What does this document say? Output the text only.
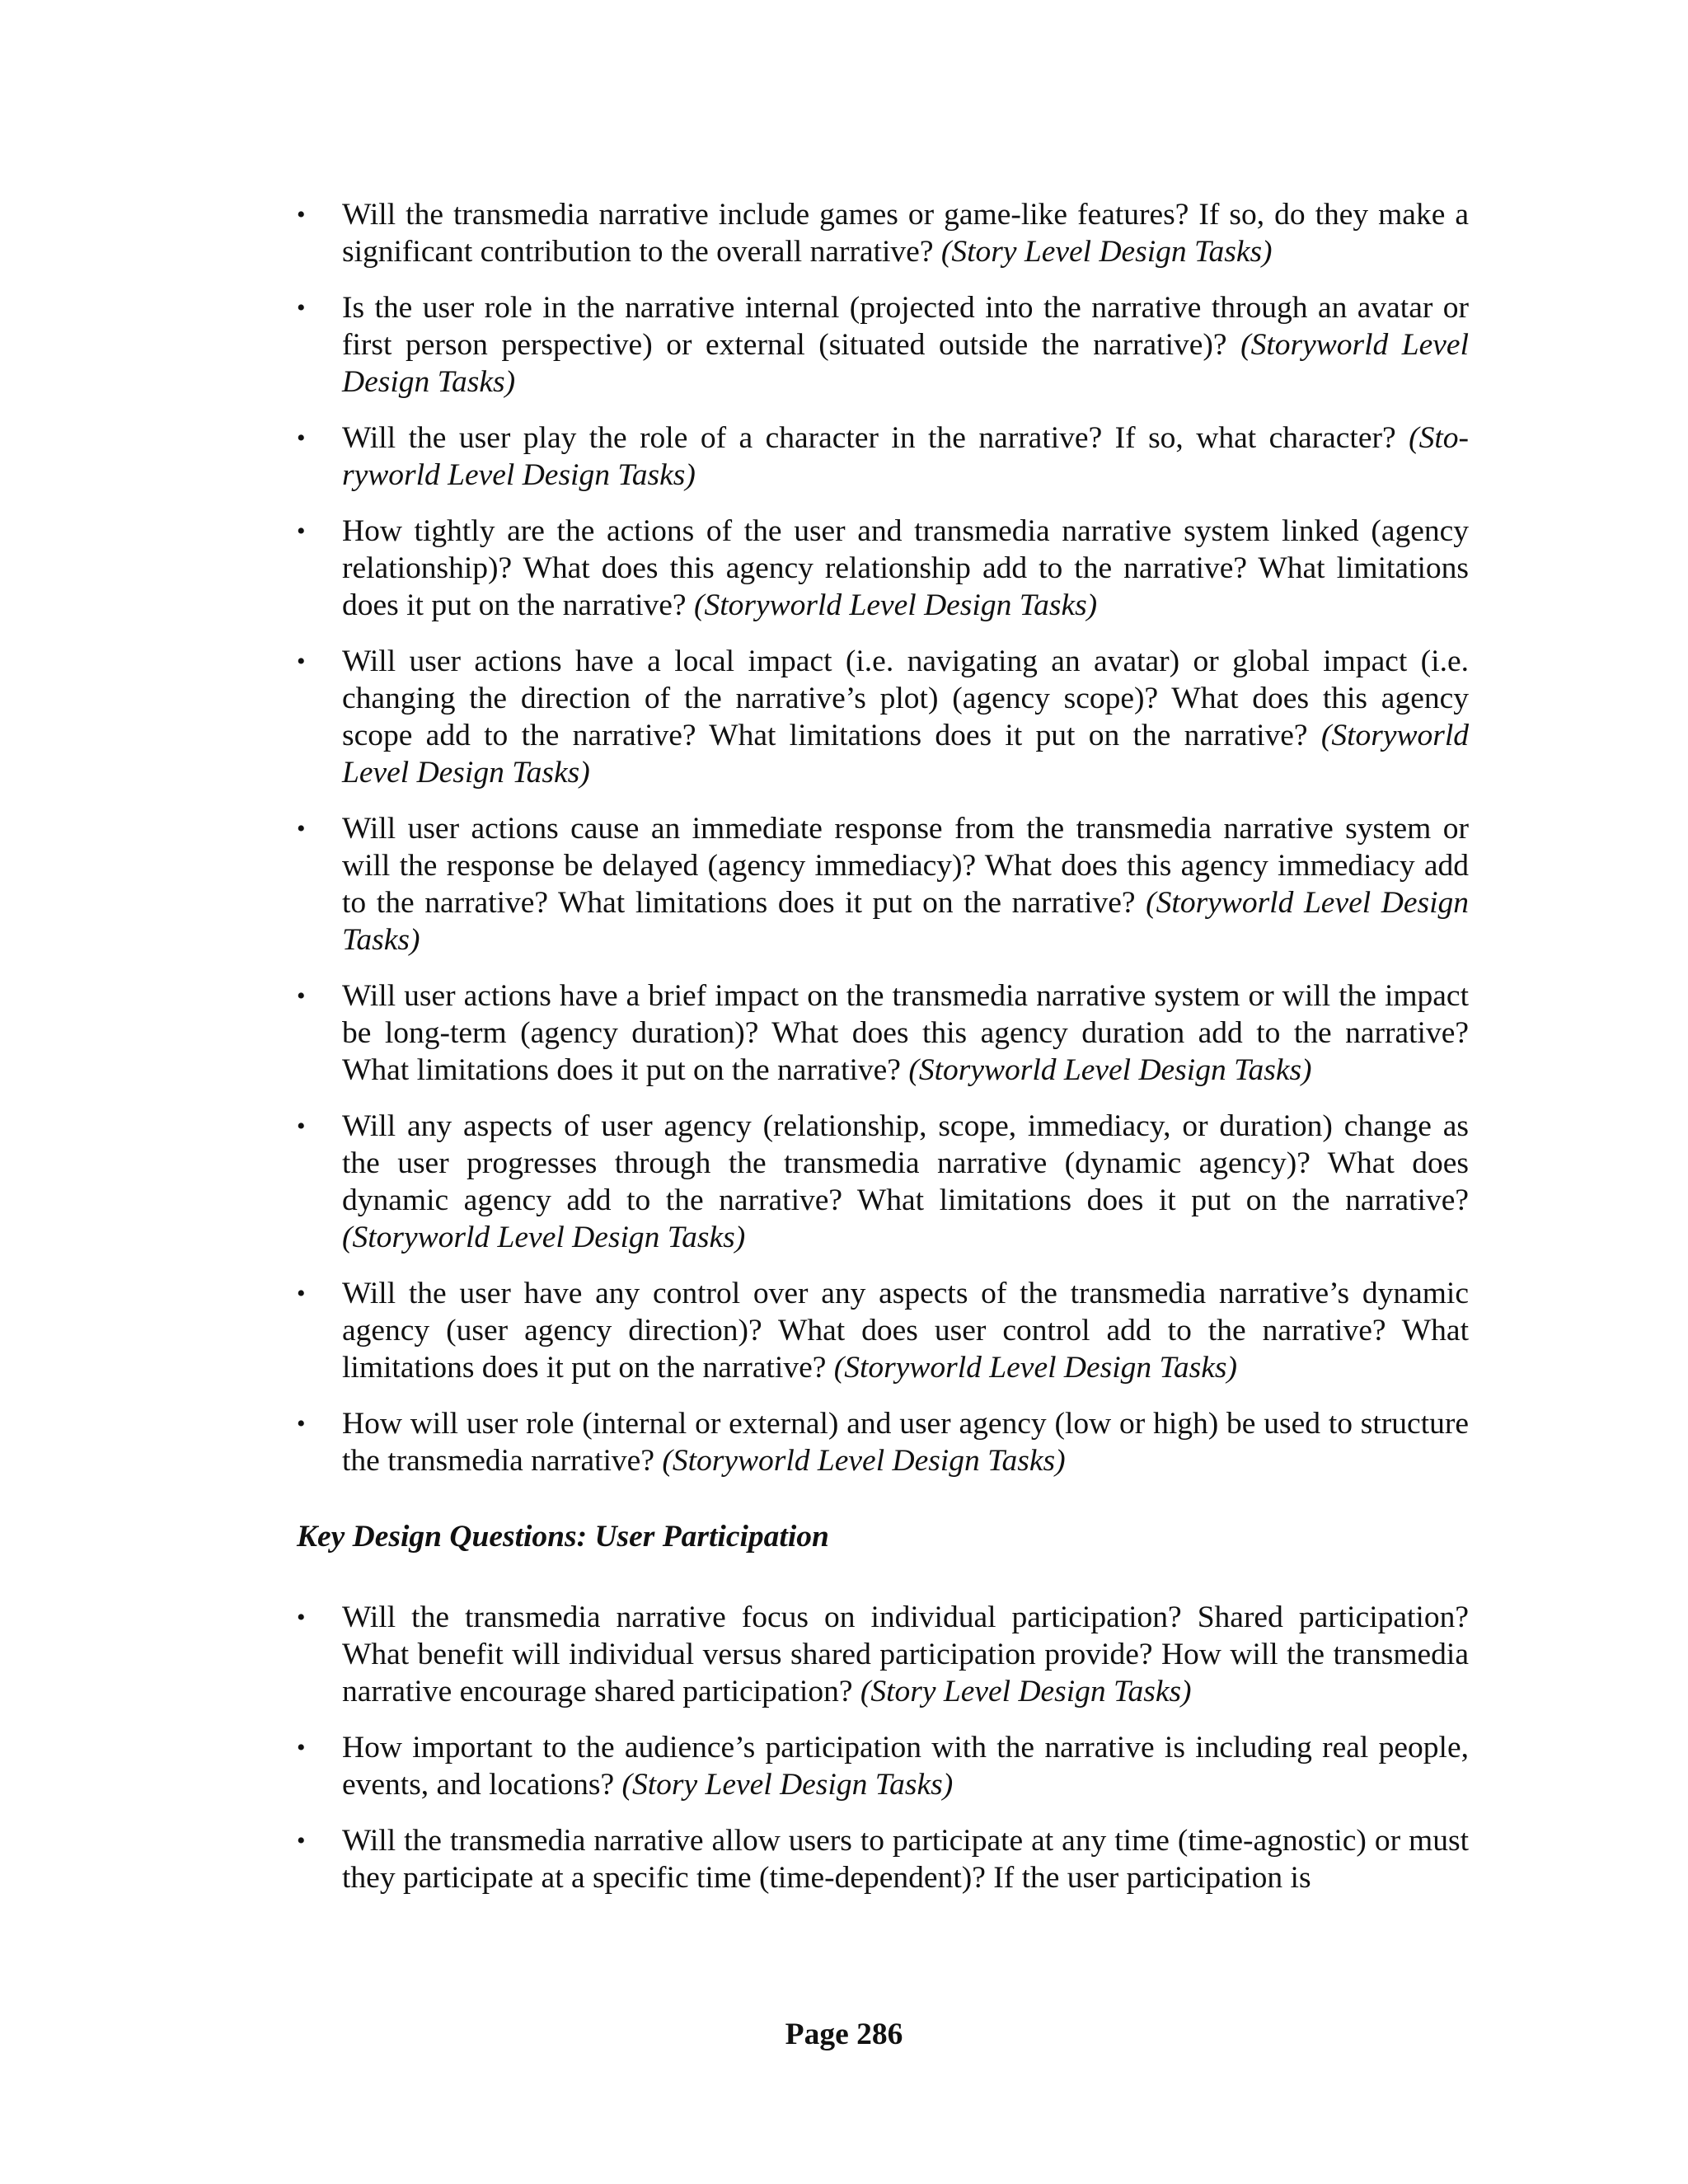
•	Will the transmedia narrative include games or game-like features? If so, do they make a significant contribution to the overall narrative? (Story Level Design Tasks)
•	Is the user role in the narrative internal (projected into the narrative through an avatar or first person perspective) or external (situated outside the narrative)? (Storyworld Level Design Tasks)
•	Will the user play the role of a character in the narrative? If so, what character? (Storyworld Level Design Tasks)
•	How tightly are the actions of the user and transmedia narrative system linked (agency relationship)? What does this agency relationship add to the narrative? What limitations does it put on the narrative? (Storyworld Level Design Tasks)
•	Will user actions have a local impact (i.e. navigating an avatar) or global impact (i.e. changing the direction of the narrative’s plot) (agency scope)? What does this agency scope add to the narrative? What limitations does it put on the narrative? (Storyworld Level Design Tasks)
•	Will user actions cause an immediate response from the transmedia narrative system or will the response be delayed (agency immediacy)? What does this agency immediacy add to the narrative? What limitations does it put on the narrative? (Storyworld Level Design Tasks)
•	Will user actions have a brief impact on the transmedia narrative system or will the impact be long-term (agency duration)? What does this agency duration add to the narrative? What limitations does it put on the narrative? (Storyworld Level Design Tasks)
•	Will any aspects of user agency (relationship, scope, immediacy, or duration) change as the user progresses through the transmedia narrative (dynamic agency)? What does dynamic agency add to the narrative? What limitations does it put on the narrative? (Storyworld Level Design Tasks)
•	Will the user have any control over any aspects of the transmedia narrative’s dynamic agency (user agency direction)? What does user control add to the narrative? What limitations does it put on the narrative? (Storyworld Level Design Tasks)
•	How will user role (internal or external) and user agency (low or high) be used to structure the transmedia narrative? (Storyworld Level Design Tasks)
Key Design Questions: User Participation
•	Will the transmedia narrative focus on individual participation? Shared participation? What benefit will individual versus shared participation provide? How will the transmedia narrative encourage shared participation? (Story Level Design Tasks)
•	How important to the audience’s participation with the narrative is including real people, events, and locations? (Story Level Design Tasks)
•	Will the transmedia narrative allow users to participate at any time (time-agnostic) or must they participate at a specific time (time-dependent)? If the user participation is
Page 286
